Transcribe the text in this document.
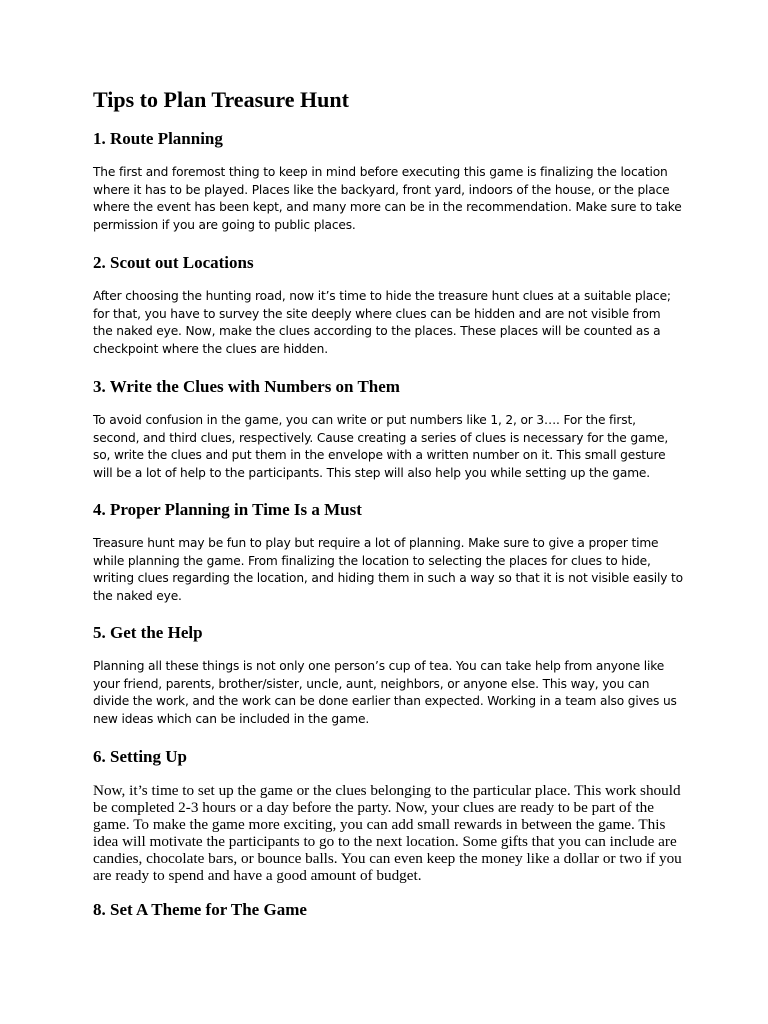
Tips to Plan Treasure Hunt
1. Route Planning

The first and foremost thing to keep in mind before executing this game is finalizing the location where it has to be played. Places like the backyard, front yard, indoors of the house, or the place where the event has been kept, and many more can be in the recommendation. Make sure to take permission if you are going to public places.

2. Scout out Locations

After choosing the hunting road, now it’s time to hide the treasure hunt clues at a suitable place; for that, you have to survey the site deeply where clues can be hidden and are not visible from the naked eye. Now, make the clues according to the places. These places will be counted as a checkpoint where the clues are hidden.

3. Write the Clues with Numbers on Them

To avoid confusion in the game, you can write or put numbers like 1, 2, or 3…. For the first, second, and third clues, respectively. Cause creating a series of clues is necessary for the game, so, write the clues and put them in the envelope with a written number on it. This small gesture will be a lot of help to the participants. This step will also help you while setting up the game.

4. Proper Planning in Time Is a Must

Treasure hunt may be fun to play but require a lot of planning. Make sure to give a proper time while planning the game. From finalizing the location to selecting the places for clues to hide, writing clues regarding the location, and hiding them in such a way so that it is not visible easily to the naked eye.

5. Get the Help

Planning all these things is not only one person’s cup of tea. You can take help from anyone like your friend, parents, brother/sister, uncle, aunt, neighbors, or anyone else. This way, you can divide the work, and the work can be done earlier than expected. Working in a team also gives us new ideas which can be included in the game.

6. Setting Up

Now, it’s time to set up the game or the clues belonging to the particular place. This work should be completed 2-3 hours or a day before the party. Now, your clues are ready to be part of the game. To make the game more exciting, you can add small rewards in between the game. This idea will motivate the participants to go to the next location. Some gifts that you can include are candies, chocolate bars, or bounce balls. You can even keep the money like a dollar or two if you are ready to spend and have a good amount of budget.

8. Set A Theme for The Game
